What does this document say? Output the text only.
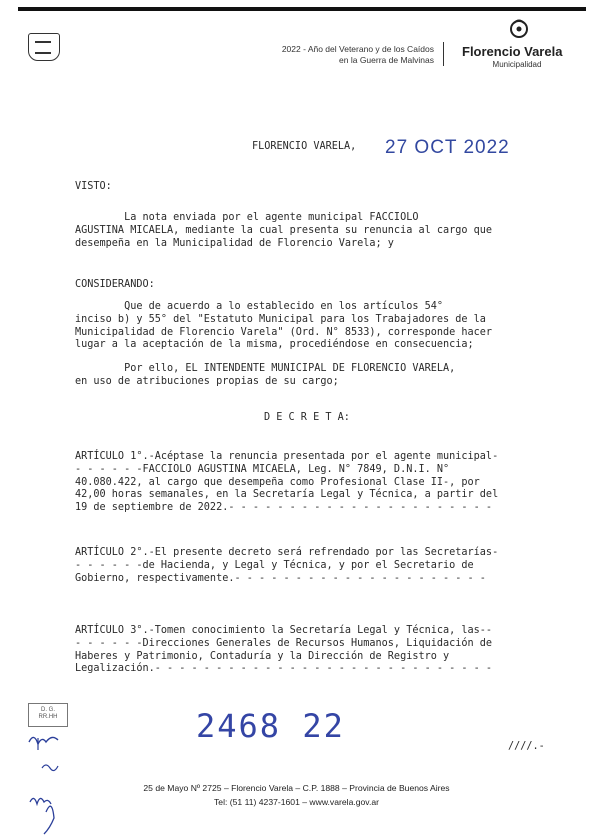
2022 - Año del Veterano y de los Caídos
en la Guerra de Malvinas
Florencio Varela
Municipalidad
FLORENCIO VARELA, 27 OCT 2022
VISTO:
La nota enviada por el agente municipal FACCIOLO
AGUSTINA MICAELA, mediante la cual presenta su renuncia al cargo que
desempeña en la Municipalidad de Florencio Varela; y
CONSIDERANDO:
Que de acuerdo a lo establecido en los artículos 54°
inciso b) y 55° del "Estatuto Municipal para los Trabajadores de la
Municipalidad de Florencio Varela" (Ord. N° 8533), corresponde hacer
lugar a la aceptación de la misma, procediéndose en consecuencia;
Por ello, EL INTENDENTE MUNICIPAL DE FLORENCIO VARELA,
en uso de atribuciones propias de su cargo;
D E C R E T A:
ARTÍCULO 1°.-Acéptase la renuncia presentada por el agente municipal-
- - - - - -FACCIOLO AGUSTINA MICAELA, Leg. N° 7849, D.N.I. N°
40.080.422, al cargo que desempeña como Profesional Clase II-, por
42,00 horas semanales, en la Secretaría Legal y Técnica, a partir del
19 de septiembre de 2022.- - - - - - - - - - - - - - - - - - - - - -
ARTÍCULO 2°.-El presente decreto será refrendado por las Secretarías-
- - - - - -de Hacienda, y Legal y Técnica, y por el Secretario de
Gobierno, respectivamente.- - - - - - - - - - - - - - - - - - - - -
ARTÍCULO 3°.-Tomen conocimiento la Secretaría Legal y Técnica, las--
- - - - - -Direcciones Generales de Recursos Humanos, Liquidación de
Haberes y Patrimonio, Contaduría y la Dirección de Registro y
Legalización.- - - - - - - - - - - - - - - - - - - - - - - - - - - -
2468 22
////.-
D. G.
RR.HH
25 de Mayo Nº 2725 – Florencio Varela – C.P. 1888 – Provincia de Buenos Aires
Tel: (51 11) 4237-1601 – www.varela.gov.ar
